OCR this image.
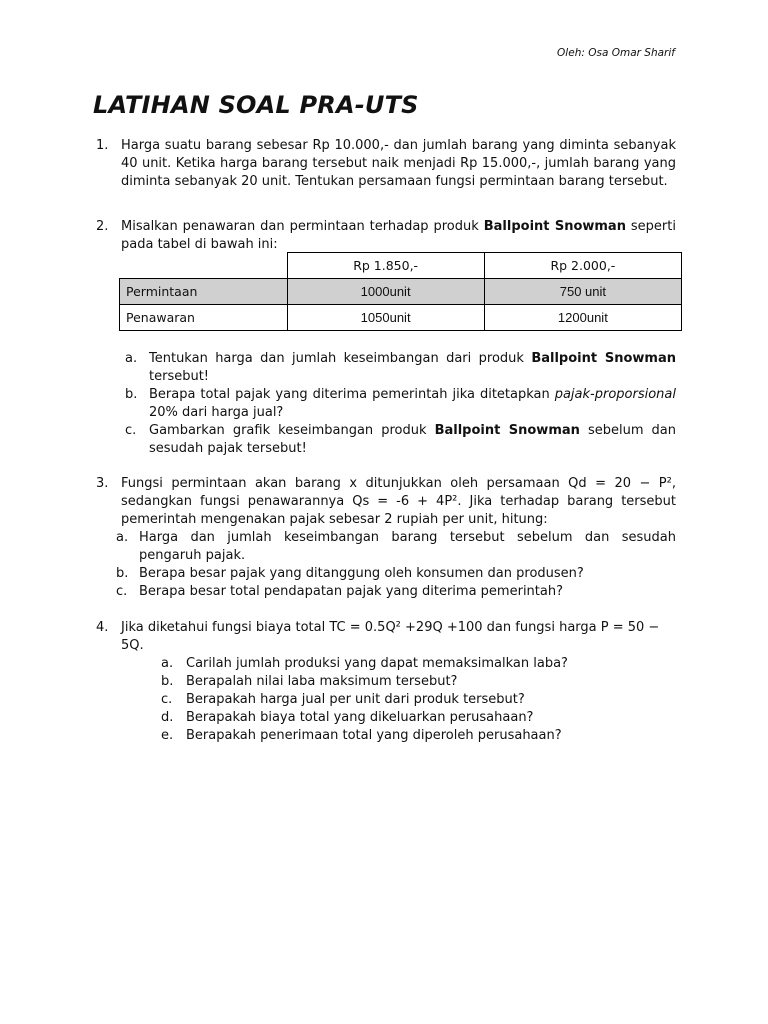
Oleh: Osa Omar Sharif
LATIHAN SOAL PRA-UTS
1. Harga suatu barang sebesar Rp 10.000,- dan jumlah barang yang diminta sebanyak 40 unit. Ketika harga barang tersebut naik menjadi Rp 15.000,-, jumlah barang yang diminta sebanyak 20 unit. Tentukan persamaan fungsi permintaan barang tersebut.
2. Misalkan penawaran dan permintaan terhadap produk Ballpoint Snowman seperti pada tabel di bawah ini:
	Rp 1.850,-	Rp 2.000,-
Permintaan	1000unit	750 unit
Penawaran	1050unit	1200unit
a. Tentukan harga dan jumlah keseimbangan dari produk Ballpoint Snowman tersebut!
b. Berapa total pajak yang diterima pemerintah jika ditetapkan pajak-proporsional 20% dari harga jual?
c. Gambarkan grafik keseimbangan produk Ballpoint Snowman sebelum dan sesudah pajak tersebut!
3. Fungsi permintaan akan barang x ditunjukkan oleh persamaan Qd = 20 − P², sedangkan fungsi penawarannya Qs = -6 + 4P². Jika terhadap barang tersebut pemerintah mengenakan pajak sebesar 2 rupiah per unit, hitung:
a. Harga dan jumlah keseimbangan barang tersebut sebelum dan sesudah pengaruh pajak.
b. Berapa besar pajak yang ditanggung oleh konsumen dan produsen?
c. Berapa besar total pendapatan pajak yang diterima pemerintah?
4. Jika diketahui fungsi biaya total TC = 0.5Q² +29Q +100 dan fungsi harga P = 50 − 5Q.
a. Carilah jumlah produksi yang dapat memaksimalkan laba?
b. Berapalah nilai laba maksimum tersebut?
c. Berapakah harga jual per unit dari produk tersebut?
d. Berapakah biaya total yang dikeluarkan perusahaan?
e. Berapakah penerimaan total yang diperoleh perusahaan?
